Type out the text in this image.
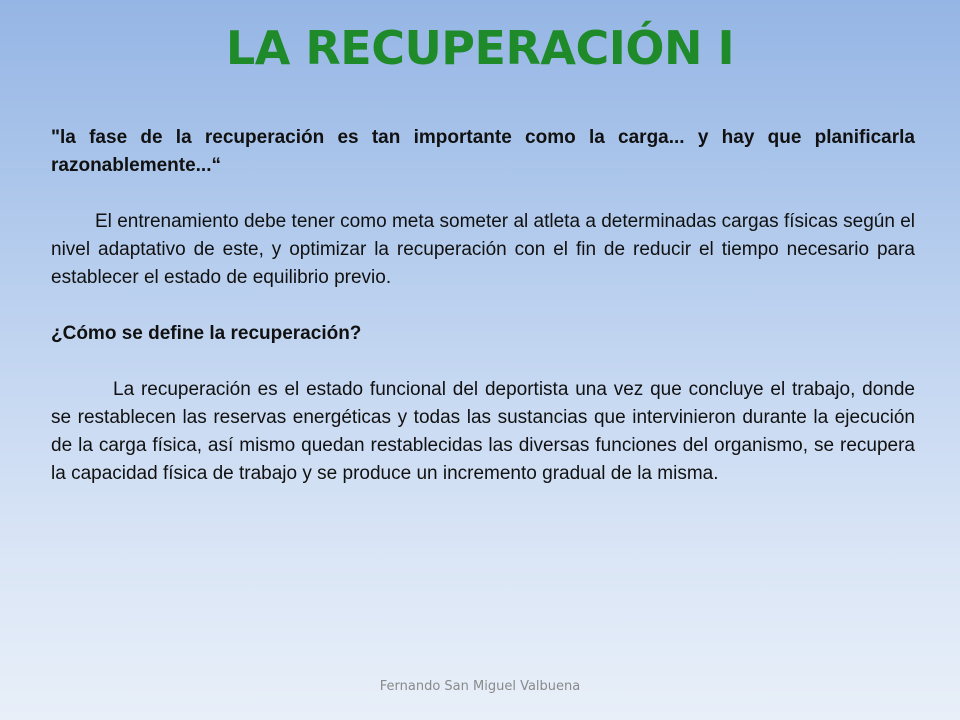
LA RECUPERACIÓN I

"la fase de la recuperación es tan importante como la carga... y hay que planificarla razonablemente...“

El entrenamiento debe tener como meta someter al atleta a determinadas cargas físicas según el nivel adaptativo de este, y optimizar la recuperación con el fin de reducir el tiempo necesario para establecer el estado de equilibrio previo.

¿Cómo se define la recuperación?

La recuperación es el estado funcional del deportista una vez que concluye el trabajo, donde se restablecen las reservas energéticas y todas las sustancias que intervinieron durante la ejecución de la carga física, así mismo quedan restablecidas las diversas funciones del organismo, se recupera la capacidad física de trabajo y se produce un incremento gradual de la misma.

Fernando San Miguel Valbuena
